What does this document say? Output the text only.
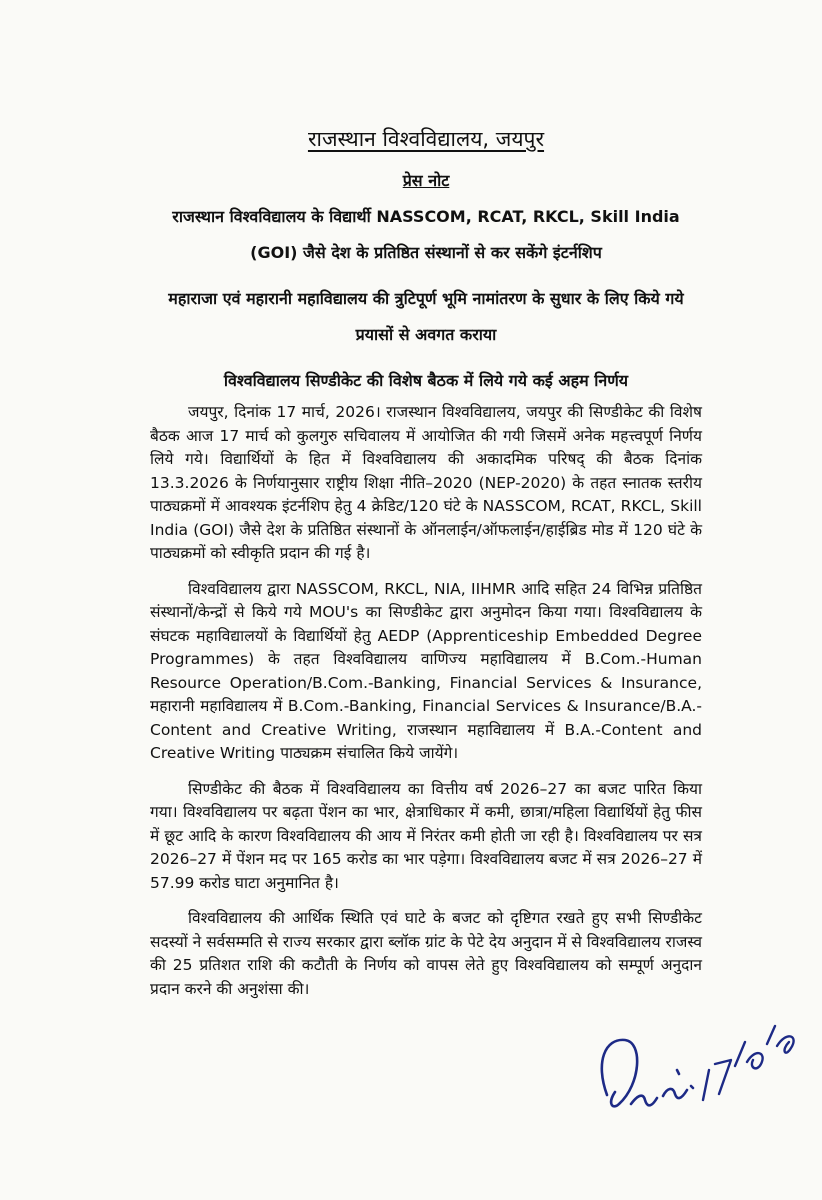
राजस्थान विश्वविद्यालय, जयपुर
प्रेस नोट
राजस्थान विश्वविद्यालय के विद्यार्थी NASSCOM, RCAT, RKCL, Skill India (GOI) जैसे देश के प्रतिष्ठित संस्थानों से कर सकेंगे इंटर्नशिप
महाराजा एवं महारानी महाविद्यालय की त्रुटिपूर्ण भूमि नामांतरण के सुधार के लिए किये गये प्रयासों से अवगत कराया
विश्वविद्यालय सिण्डीकेट की विशेष बैठक में लिये गये कई अहम निर्णय

जयपुर, दिनांक 17 मार्च, 2026। राजस्थान विश्वविद्यालय, जयपुर की सिण्डीकेट की विशेष बैठक आज 17 मार्च को कुलगुरु सचिवालय में आयोजित की गयी जिसमें अनेक महत्त्वपूर्ण निर्णय लिये गये। विद्यार्थियों के हित में विश्वविद्यालय की अकादमिक परिषद् की बैठक दिनांक 13.3.2026 के निर्णयानुसार राष्ट्रीय शिक्षा नीति–2020 (NEP-2020) के तहत स्नातक स्तरीय पाठ्यक्रमों में आवश्यक इंटर्नशिप हेतु 4 क्रेडिट/120 घंटे के NASSCOM, RCAT, RKCL, Skill India (GOI) जैसे देश के प्रतिष्ठित संस्थानों के ऑनलाईन/ऑफलाईन/हाईब्रिड मोड में 120 घंटे के पाठ्यक्रमों को स्वीकृति प्रदान की गई है।

विश्वविद्यालय द्वारा NASSCOM, RKCL, NIA, IIHMR आदि सहित 24 विभिन्न प्रतिष्ठित संस्थानों/केन्द्रों से किये गये MOU's का सिण्डीकेट द्वारा अनुमोदन किया गया। विश्वविद्यालय के संघटक महाविद्यालयों के विद्यार्थियों हेतु AEDP (Apprenticeship Embedded Degree Programmes) के तहत विश्वविद्यालय वाणिज्य महाविद्यालय में B.Com.-Human Resource Operation/B.Com.-Banking, Financial Services & Insurance, महारानी महाविद्यालय में B.Com.-Banking, Financial Services & Insurance/B.A.-Content and Creative Writing, राजस्थान महाविद्यालय में B.A.-Content and Creative Writing पाठ्यक्रम संचालित किये जायेंगे।

सिण्डीकेट की बैठक में विश्वविद्यालय का वित्तीय वर्ष 2026–27 का बजट पारित किया गया। विश्वविद्यालय पर बढ़ता पेंशन का भार, क्षेत्राधिकार में कमी, छात्रा/महिला विद्यार्थियों हेतु फीस में छूट आदि के कारण विश्वविद्यालय की आय में निरंतर कमी होती जा रही है। विश्वविद्यालय पर सत्र 2026–27 में पेंशन मद पर 165 करोड का भार पड़ेगा। विश्वविद्यालय बजट में सत्र 2026–27 में 57.99 करोड घाटा अनुमानित है।

विश्वविद्यालय की आर्थिक स्थिति एवं घाटे के बजट को दृष्टिगत रखते हुए सभी सिण्डीकेट सदस्यों ने सर्वसम्मति से राज्य सरकार द्वारा ब्लॉक ग्रांट के पेटे देय अनुदान में से विश्वविद्यालय राजस्व की 25 प्रतिशत राशि की कटौती के निर्णय को वापस लेते हुए विश्वविद्यालय को सम्पूर्ण अनुदान प्रदान करने की अनुशंसा की।
